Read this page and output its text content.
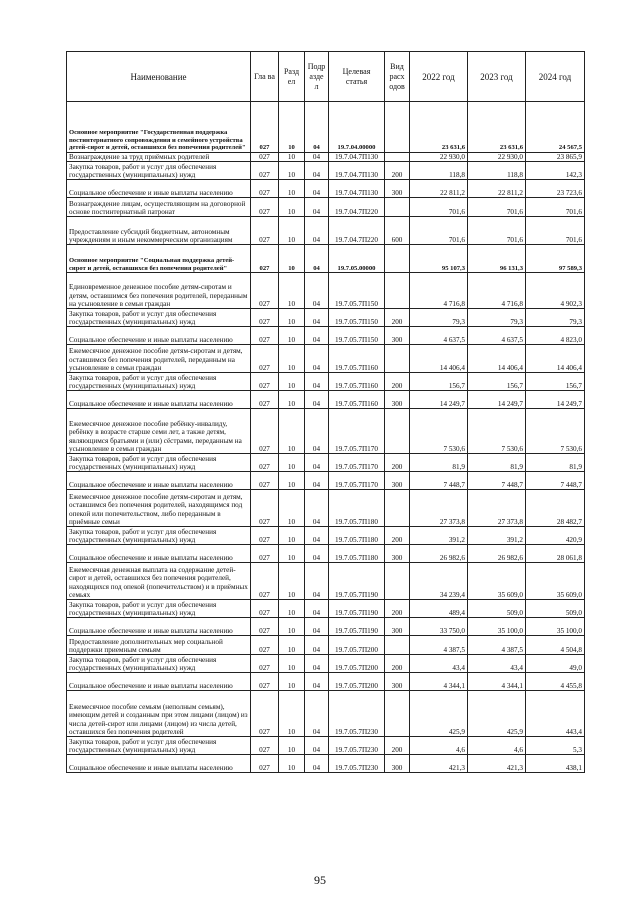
Наименование	Гла ва	Разд ел	Подр азде л	Целевая статья	Вид расх одов	2022 год	2023 год	2024 год
Основное мероприятие "Государственная поддержка постинтернатного сопровождения и семейного устройства детей-сирот и детей, оставшихся без попечения родителей"	027	10	04	19.7.04.00000		23 631,6	23 631,6	24 567,5
Вознаграждение за труд приёмных родителей	027	10	04	19.7.04.7П130		22 930,0	22 930,0	23 865,9
Закупка товаров, работ и услуг для обеспечения государственных (муниципальных) нужд	027	10	04	19.7.04.7П130	200	118,8	118,8	142,3
Социальное обеспечение и иные выплаты населению	027	10	04	19.7.04.7П130	300	22 811,2	22 811,2	23 723,6
Вознаграждение лицам, осуществляющим на договорной основе постинтернатный патронат	027	10	04	19.7.04.7П220		701,6	701,6	701,6
Предоставление субсидий бюджетным, автономным учреждениям и иным некоммерческим организациям	027	10	04	19.7.04.7П220	600	701,6	701,6	701,6
Основное мероприятие "Социальная поддержка детей-сирот и детей, оставшихся без попечения родителей"	027	10	04	19.7.05.00000		95 107,3	96 131,3	97 589,3
Единовременное денежное пособие детям-сиротам и детям, оставшимся без попечения родителей, переданным на усыновление в семьи граждан	027	10	04	19.7.05.7П150		4 716,8	4 716,8	4 902,3
Закупка товаров, работ и услуг для обеспечения государственных (муниципальных) нужд	027	10	04	19.7.05.7П150	200	79,3	79,3	79,3
Социальное обеспечение и иные выплаты населению	027	10	04	19.7.05.7П150	300	4 637,5	4 637,5	4 823,0
Ежемесячное денежное пособие детям-сиротам и детям, оставшимся без попечения родителей, переданным на усыновление в семьи граждан	027	10	04	19.7.05.7П160		14 406,4	14 406,4	14 406,4
Закупка товаров, работ и услуг для обеспечения государственных (муниципальных) нужд	027	10	04	19.7.05.7П160	200	156,7	156,7	156,7
Социальное обеспечение и иные выплаты населению	027	10	04	19.7.05.7П160	300	14 249,7	14 249,7	14 249,7
Ежемесячное денежное пособие ребёнку-инвалиду, ребёнку в возрасте старше семи лет, а также детям, являющимся братьями и (или) сёстрами, переданным на усыновление в семьи граждан	027	10	04	19.7.05.7П170		7 530,6	7 530,6	7 530,6
Закупка товаров, работ и услуг для обеспечения государственных (муниципальных) нужд	027	10	04	19.7.05.7П170	200	81,9	81,9	81,9
Социальное обеспечение и иные выплаты населению	027	10	04	19.7.05.7П170	300	7 448,7	7 448,7	7 448,7
Ежемесячное денежное пособие детям-сиротам и детям, оставшимся без попечения родителей, находящимся под опекой или попечительством, либо переданным в приёмные семьи	027	10	04	19.7.05.7П180		27 373,8	27 373,8	28 482,7
Закупка товаров, работ и услуг для обеспечения государственных (муниципальных) нужд	027	10	04	19.7.05.7П180	200	391,2	391,2	420,9
Социальное обеспечение и иные выплаты населению	027	10	04	19.7.05.7П180	300	26 982,6	26 982,6	28 061,8
Ежемесячная денежная выплата на содержание детей-сирот и детей, оставшихся без попечения родителей, находящихся под опекой (попечительством) и в приёмных семьях	027	10	04	19.7.05.7П190		34 239,4	35 609,0	35 609,0
Закупка товаров, работ и услуг для обеспечения государственных (муниципальных) нужд	027	10	04	19.7.05.7П190	200	489,4	509,0	509,0
Социальное обеспечение и иные выплаты населению	027	10	04	19.7.05.7П190	300	33 750,0	35 100,0	35 100,0
Предоставление дополнительных мер социальной поддержки приемным семьям	027	10	04	19.7.05.7П200		4 387,5	4 387,5	4 504,8
Закупка товаров, работ и услуг для обеспечения государственных (муниципальных) нужд	027	10	04	19.7.05.7П200	200	43,4	43,4	49,0
Социальное обеспечение и иные выплаты населению	027	10	04	19.7.05.7П200	300	4 344,1	4 344,1	4 455,8
Ежемесячное пособие семьям (неполным семьям), имеющим детей и созданным при этом лицами (лицом) из числа детей-сирот или лицами (лицом) из числа детей, оставшихся без попечения родителей	027	10	04	19.7.05.7П230		425,9	425,9	443,4
Закупка товаров, работ и услуг для обеспечения государственных (муниципальных) нужд	027	10	04	19.7.05.7П230	200	4,6	4,6	5,3
Социальное обеспечение и иные выплаты населению	027	10	04	19.7.05.7П230	300	421,3	421,3	438,1
95
